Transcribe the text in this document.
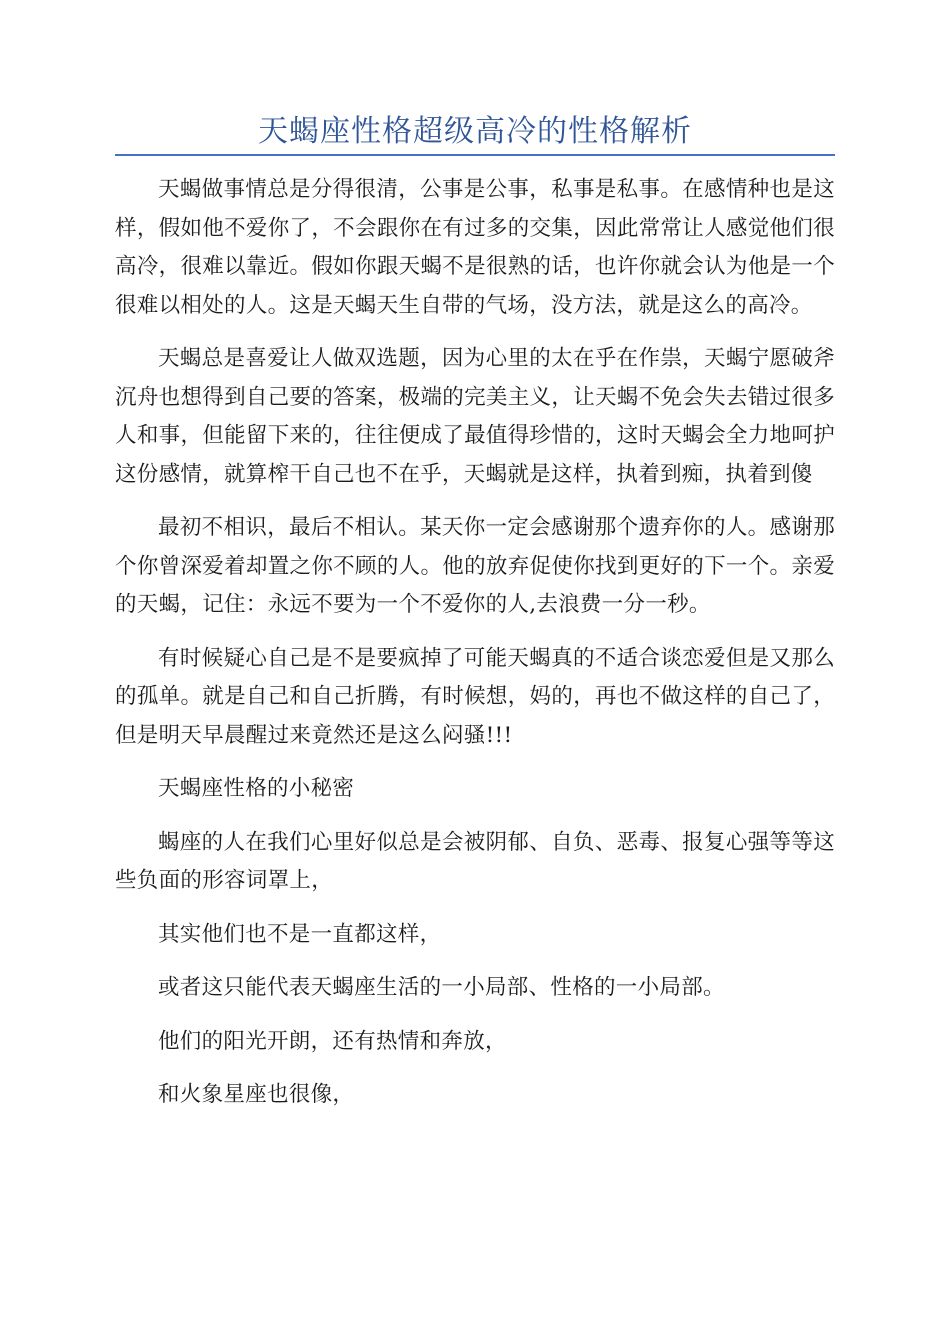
天蝎座性格超级高冷的性格解析

天蝎做事情总是分得很清，公事是公事，私事是私事。在感情种也是这样，假如他不爱你了，不会跟你在有过多的交集，因此常常让人感觉他们很高冷，很难以靠近。假如你跟天蝎不是很熟的话，也许你就会认为他是一个很难以相处的人。这是天蝎天生自带的气场，没方法，就是这么的高冷。

天蝎总是喜爱让人做双选题，因为心里的太在乎在作祟，天蝎宁愿破斧沉舟也想得到自己要的答案，极端的完美主义，让天蝎不免会失去错过很多人和事，但能留下来的，往往便成了最值得珍惜的，这时天蝎会全力地呵护这份感情，就算榨干自己也不在乎，天蝎就是这样，执着到痴，执着到傻

最初不相识，最后不相认。某天你一定会感谢那个遗弃你的人。感谢那个你曾深爱着却置之你不顾的人。他的放弃促使你找到更好的下一个。亲爱的天蝎，记住：永远不要为一个不爱你的人,去浪费一分一秒。

有时候疑心自己是不是要疯掉了可能天蝎真的不适合谈恋爱但是又那么的孤单。就是自己和自己折腾，有时候想，妈的，再也不做这样的自己了，但是明天早晨醒过来竟然还是这么闷骚!!!

天蝎座性格的小秘密

蝎座的人在我们心里好似总是会被阴郁、自负、恶毒、报复心强等等这些负面的形容词罩上，

其实他们也不是一直都这样，

或者这只能代表天蝎座生活的一小局部、性格的一小局部。

他们的阳光开朗，还有热情和奔放，

和火象星座也很像，
